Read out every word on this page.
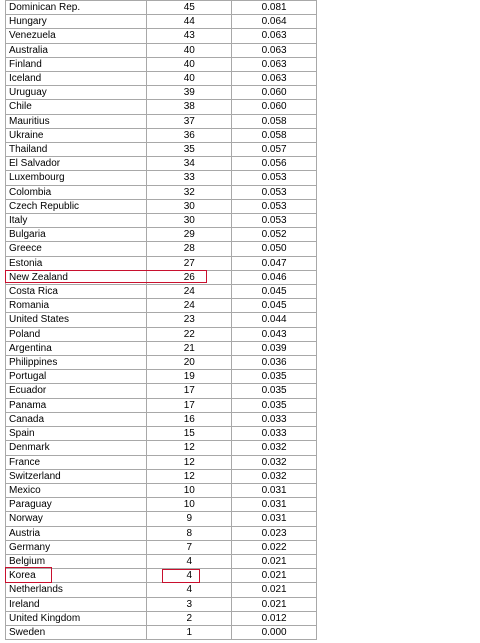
Dominican Rep.	45	0.081
Hungary	44	0.064
Venezuela	43	0.063
Australia	40	0.063
Finland	40	0.063
Iceland	40	0.063
Uruguay	39	0.060
Chile	38	0.060
Mauritius	37	0.058
Ukraine	36	0.058
Thailand	35	0.057
El Salvador	34	0.056
Luxembourg	33	0.053
Colombia	32	0.053
Czech Republic	30	0.053
Italy	30	0.053
Bulgaria	29	0.052
Greece	28	0.050
Estonia	27	0.047
New Zealand	26	0.046
Costa Rica	24	0.045
Romania	24	0.045
United States	23	0.044
Poland	22	0.043
Argentina	21	0.039
Philippines	20	0.036
Portugal	19	0.035
Ecuador	17	0.035
Panama	17	0.035
Canada	16	0.033
Spain	15	0.033
Denmark	12	0.032
France	12	0.032
Switzerland	12	0.032
Mexico	10	0.031
Paraguay	10	0.031
Norway	9	0.031
Austria	8	0.023
Germany	7	0.022
Belgium	4	0.021
Korea	4	0.021
Netherlands	4	0.021
Ireland	3	0.021
United Kingdom	2	0.012
Sweden	1	0.000
